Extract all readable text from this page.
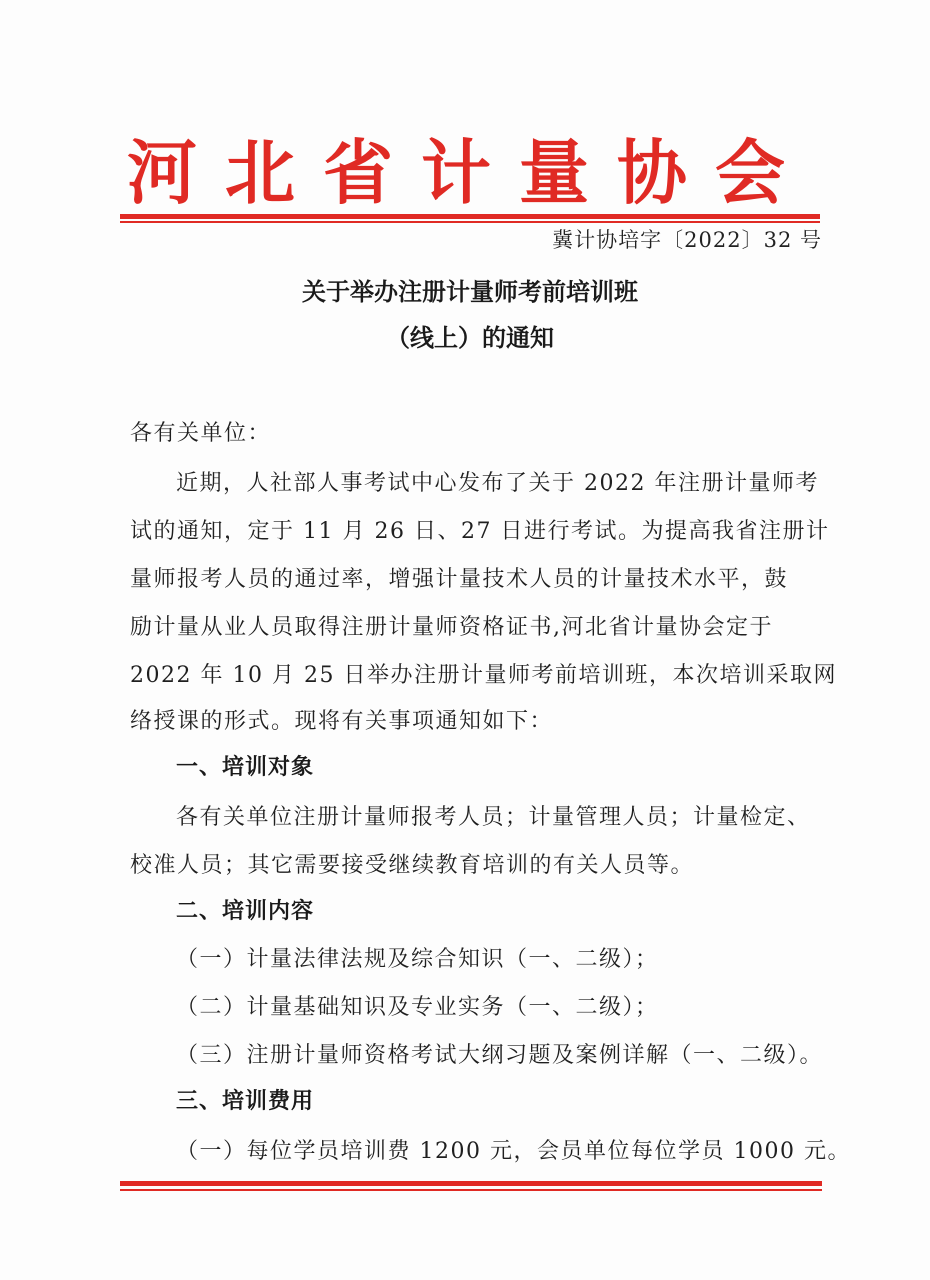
河北省计量协会
冀计协培字〔2022〕32 号
关于举办注册计量师考前培训班
（线上）的通知
各有关单位：
近期，人社部人事考试中心发布了关于 2022 年注册计量师考
试的通知，定于 11 月 26 日、27 日进行考试。为提高我省注册计
量师报考人员的通过率，增强计量技术人员的计量技术水平，鼓
励计量从业人员取得注册计量师资格证书,河北省计量协会定于
2022 年 10 月 25 日举办注册计量师考前培训班，本次培训采取网
络授课的形式。现将有关事项通知如下：
一、培训对象
各有关单位注册计量师报考人员；计量管理人员；计量检定、
校准人员；其它需要接受继续教育培训的有关人员等。
二、培训内容
（一）计量法律法规及综合知识（一、二级）；
（二）计量基础知识及专业实务（一、二级）；
（三）注册计量师资格考试大纲习题及案例详解（一、二级）。
三、培训费用
（一）每位学员培训费 1200 元，会员单位每位学员 1000 元。
